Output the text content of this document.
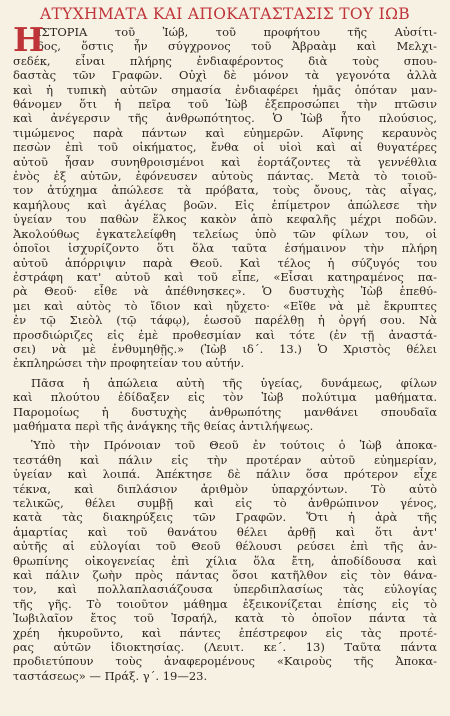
ΑΤΥΧΗΜΑΤΑ ΚΑΙ ΑΠΟΚΑΤΑΣΤΑΣΙΣ ΤΟΥ ΙΩΒ
Η
ΙΣΤΟΡΙΑ τοῦ Ἰώβ, τοῦ προφήτου τῆς Αὐσίτι-
δος, ὅστις ἦν σύγχρονος τοῦ Ἀβραὰμ καὶ Μελχι-
σεδέκ, εἶναι πλήρης ἐνδιαφέροντος διὰ τοὺς σπου-
δαστὰς τῶν Γραφῶν. Οὐχὶ δὲ μόνον τὰ γεγονότα ἀλλὰ
καὶ ἡ τυπικὴ αὐτῶν σημασία ἐνδιαφέρει ἡμᾶς ὁπόταν μαν-
θάνομεν ὅτι ἡ πεῖρα τοῦ Ἰὼβ ἐξεπροσώπει τὴν πτῶσιν
καὶ ἀνέγερσιν τῆς ἀνθρωπότητος. Ὁ Ἰὼβ ἦτο πλούσιος,
τιμώμενος παρὰ πάντων καὶ εὐημερῶν. Αἴφνης κεραυνὸς
πεσὼν ἐπὶ τοῦ οἰκήματος, ἔνθα οἱ υἱοὶ καὶ αἱ θυγατέρες
αὐτοῦ ἦσαν συνηθροισμένοι καὶ ἑορτάζοντες τὰ γεννέθλια
ἑνὸς ἐξ αὐτῶν, ἐφόνευσεν αὐτοὺς πάντας. Μετὰ τὸ τοιοῦ-
τον ἀτύχημα ἀπώλεσε τὰ πρόβατα, τοὺς ὄνους, τὰς αἶγας,
καμήλους καὶ ἀγέλας βοῶν. Εἰς ἐπίμετρον ἀπώλεσε τὴν
ὑγείαν του παθὼν ἕλκος κακὸν ἀπὸ κεφαλῆς μέχρι ποδῶν.
Ἀκολούθως ἐγκατελείφθη τελείως ὑπὸ τῶν φίλων του, οἱ
ὁποῖοι ἰσχυρίζοντο ὅτι ὅλα ταῦτα ἐσήμαινον τὴν πλήρη
αὐτοῦ ἀπόρριψιν παρὰ Θεοῦ. Καὶ τέλος ἡ σύζυγός του
ἐστράφη κατ' αὐτοῦ καὶ τοῦ εἶπε, «Εἶσαι κατηραμένος πα-
ρὰ Θεοῦ· εἶθε νὰ ἀπέθνησκες». Ὁ δυστυχὴς Ἰὼβ ἐπεθύ-
μει καὶ αὐτὸς τὸ ἴδιον καὶ ηὔχετο· «Εἴθε νὰ μὲ ἔκρυπτες
ἐν τῷ Σιεὸλ (τῷ τάφῳ), ἑωσοῦ παρέλθῃ ἡ ὀργή σου. Νὰ
προσδιώριζες εἰς ἐμὲ προθεσμίαν καὶ τότε (ἐν τῇ ἀναστά-
σει) νὰ μὲ ἐνθυμηθῇς.» (Ἰὼβ ιδ΄. 13.) Ὁ Χριστὸς θέλει
ἐκπληρώσει τὴν προφητείαν του αὐτήν.
Πᾶσα ἡ ἀπώλεια αὐτὴ τῆς ὑγείας, δυνάμεως, φίλων
καὶ πλούτου ἐδίδαξεν εἰς τὸν Ἰὼβ πολύτιμα μαθήματα.
Παρομοίως ἡ δυστυχὴς ἀνθρωπότης μανθάνει σπουδαῖα
μαθήματα περὶ τῆς ἀνάγκης τῆς θείας ἀντιλήψεως.
Ὑπὸ τὴν Πρόνοιαν τοῦ Θεοῦ ἐν τούτοις ὁ Ἰὼβ ἀποκα-
τεστάθη καὶ πάλιν εἰς τὴν προτέραν αὐτοῦ εὐημερίαν,
ὑγείαν καὶ λοιπά. Ἀπέκτησε δὲ πάλιν ὅσα πρότερον εἶχε
τέκνα, καὶ διπλάσιον ἀριθμὸν ὑπαρχόντων. Τὸ αὐτὸ
τελικῶς, θέλει συμβῇ καὶ εἰς τὸ ἀνθρώπινον γένος,
κατὰ τὰς διακηρύξεις τῶν Γραφῶν. Ὅτι ἡ ἀρὰ τῆς
ἁμαρτίας καὶ τοῦ θανάτου θέλει ἀρθῇ καὶ ὅτι ἀντ'
αὐτῆς αἱ εὐλογίαι τοῦ Θεοῦ θέλουσι ρεύσει ἐπὶ τῆς ἀν-
θρωπίνης οἰκογενείας ἐπὶ χίλια ὅλα ἔτη, ἀποδίδουσα καὶ
καὶ πάλιν ζωὴν πρὸς πάντας ὅσοι κατῆλθον εἰς τὸν θάνα-
τον, καὶ πολλαπλασιάζουσα ὑπερδιπλασίως τὰς εὐλογίας
τῆς γῆς. Τὸ τοιοῦτον μάθημα ἐξεικονίζεται ἐπίσης εἰς τὸ
Ἰωβιλαῖον ἔτος τοῦ Ἰσραήλ, κατὰ τὸ ὁποῖον πάντα τὰ
χρέη ἠκυροῦντο, καὶ πάντες ἐπέστρεφον εἰς τὰς προτέ-
ρας αὐτῶν ἰδιοκτησίας. (Λευιτ. κε΄. 13) Ταῦτα πάντα
προδιετύπουν τοὺς ἀναφερομένους «Καιροὺς τῆς Ἀποκα-
ταστάσεως» — Πράξ. γ΄. 19—23.
